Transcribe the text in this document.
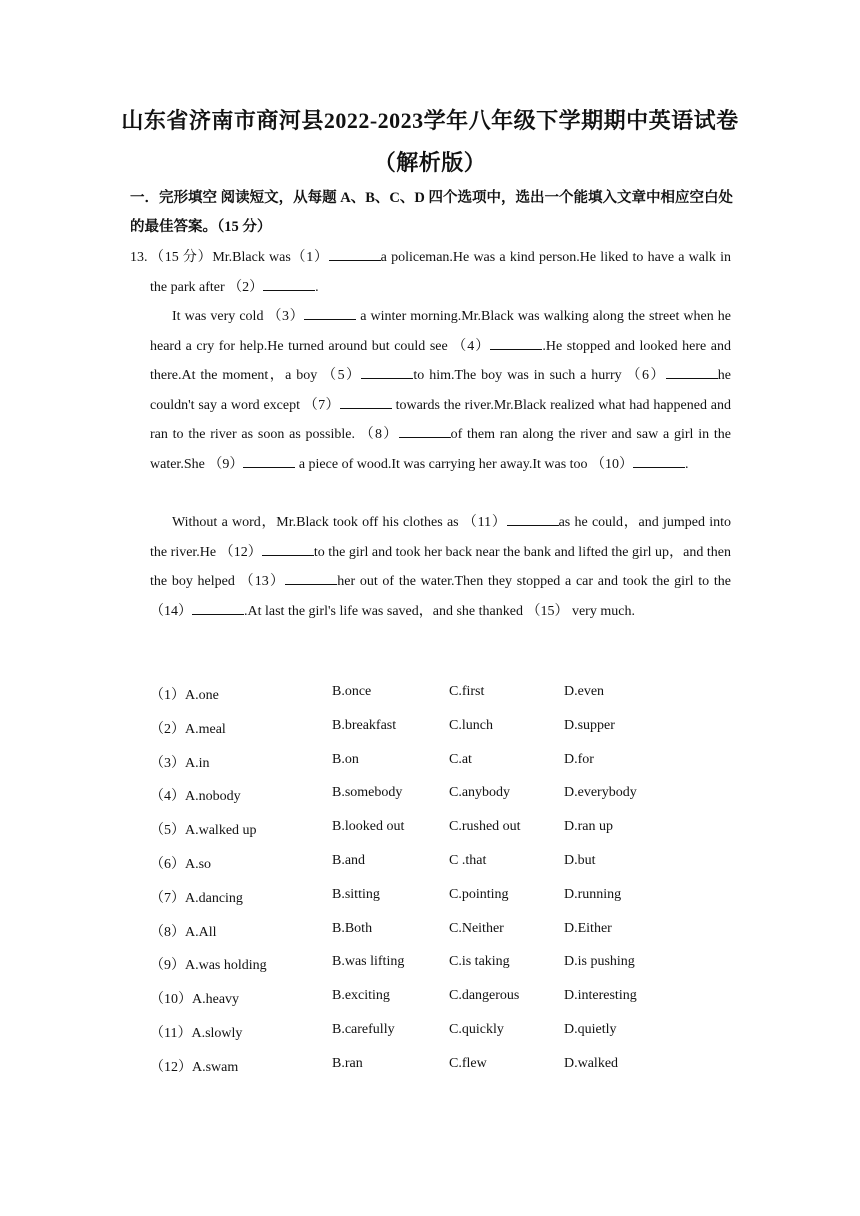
山东省济南市商河县2022-2023学年八年级下学期期中英语试卷
（解析版）
一．完形填空 阅读短文，从每题 A、B、C、D 四个选项中，选出一个能填入文章中相应空白处的最佳答案。（15 分）
13. （15 分）Mr.Black was（1）	a policeman.He was a kind person.He liked to have a walk in the park after （2）	.
It was very cold （3）	a winter morning.Mr.Black was walking along the street when he heard a cry for help.He turned around but could see （4）	.He stopped and looked here and there.At the moment，a boy （5）	to him.The boy was in such a hurry （6）	he couldn't say a word except （7）	towards the river.Mr.Black realized what had happened and ran to the river as soon as possible. （8）	of them ran along the river and saw a girl in the water.She （9）	a piece of wood.It was carrying her away.It was too （10）	.
Without a word，Mr.Black took off his clothes as （11）	as he could，and jumped into the river.He （12）	to the girl and took her back near the bank and lifted the girl up，and then the boy helped （13）	her out of the water.Then they stopped a car and took the girl to the （14）	.At last the girl's life was saved，and she thanked （15） very much.
（1）A.one	B.once	C.first	D.even
（2）A.meal	B.breakfast	C.lunch	D.supper
（3）A.in	B.on	C.at	D.for
（4）A.nobody	B.somebody	C.anybody	D.everybody
（5）A.walked up	B.looked out	C.rushed out	D.ran up
（6）A.so	B.and	C .that	D.but
（7）A.dancing	B.sitting	C.pointing	D.running
（8）A.All	B.Both	C.Neither	D.Either
（9）A.was holding	B.was lifting	C.is taking	D.is pushing
（10）A.heavy	B.exciting	C.dangerous	D.interesting
（11）A.slowly	B.carefully	C.quickly	D.quietly
（12）A.swam	B.ran	C.flew	D.walked
